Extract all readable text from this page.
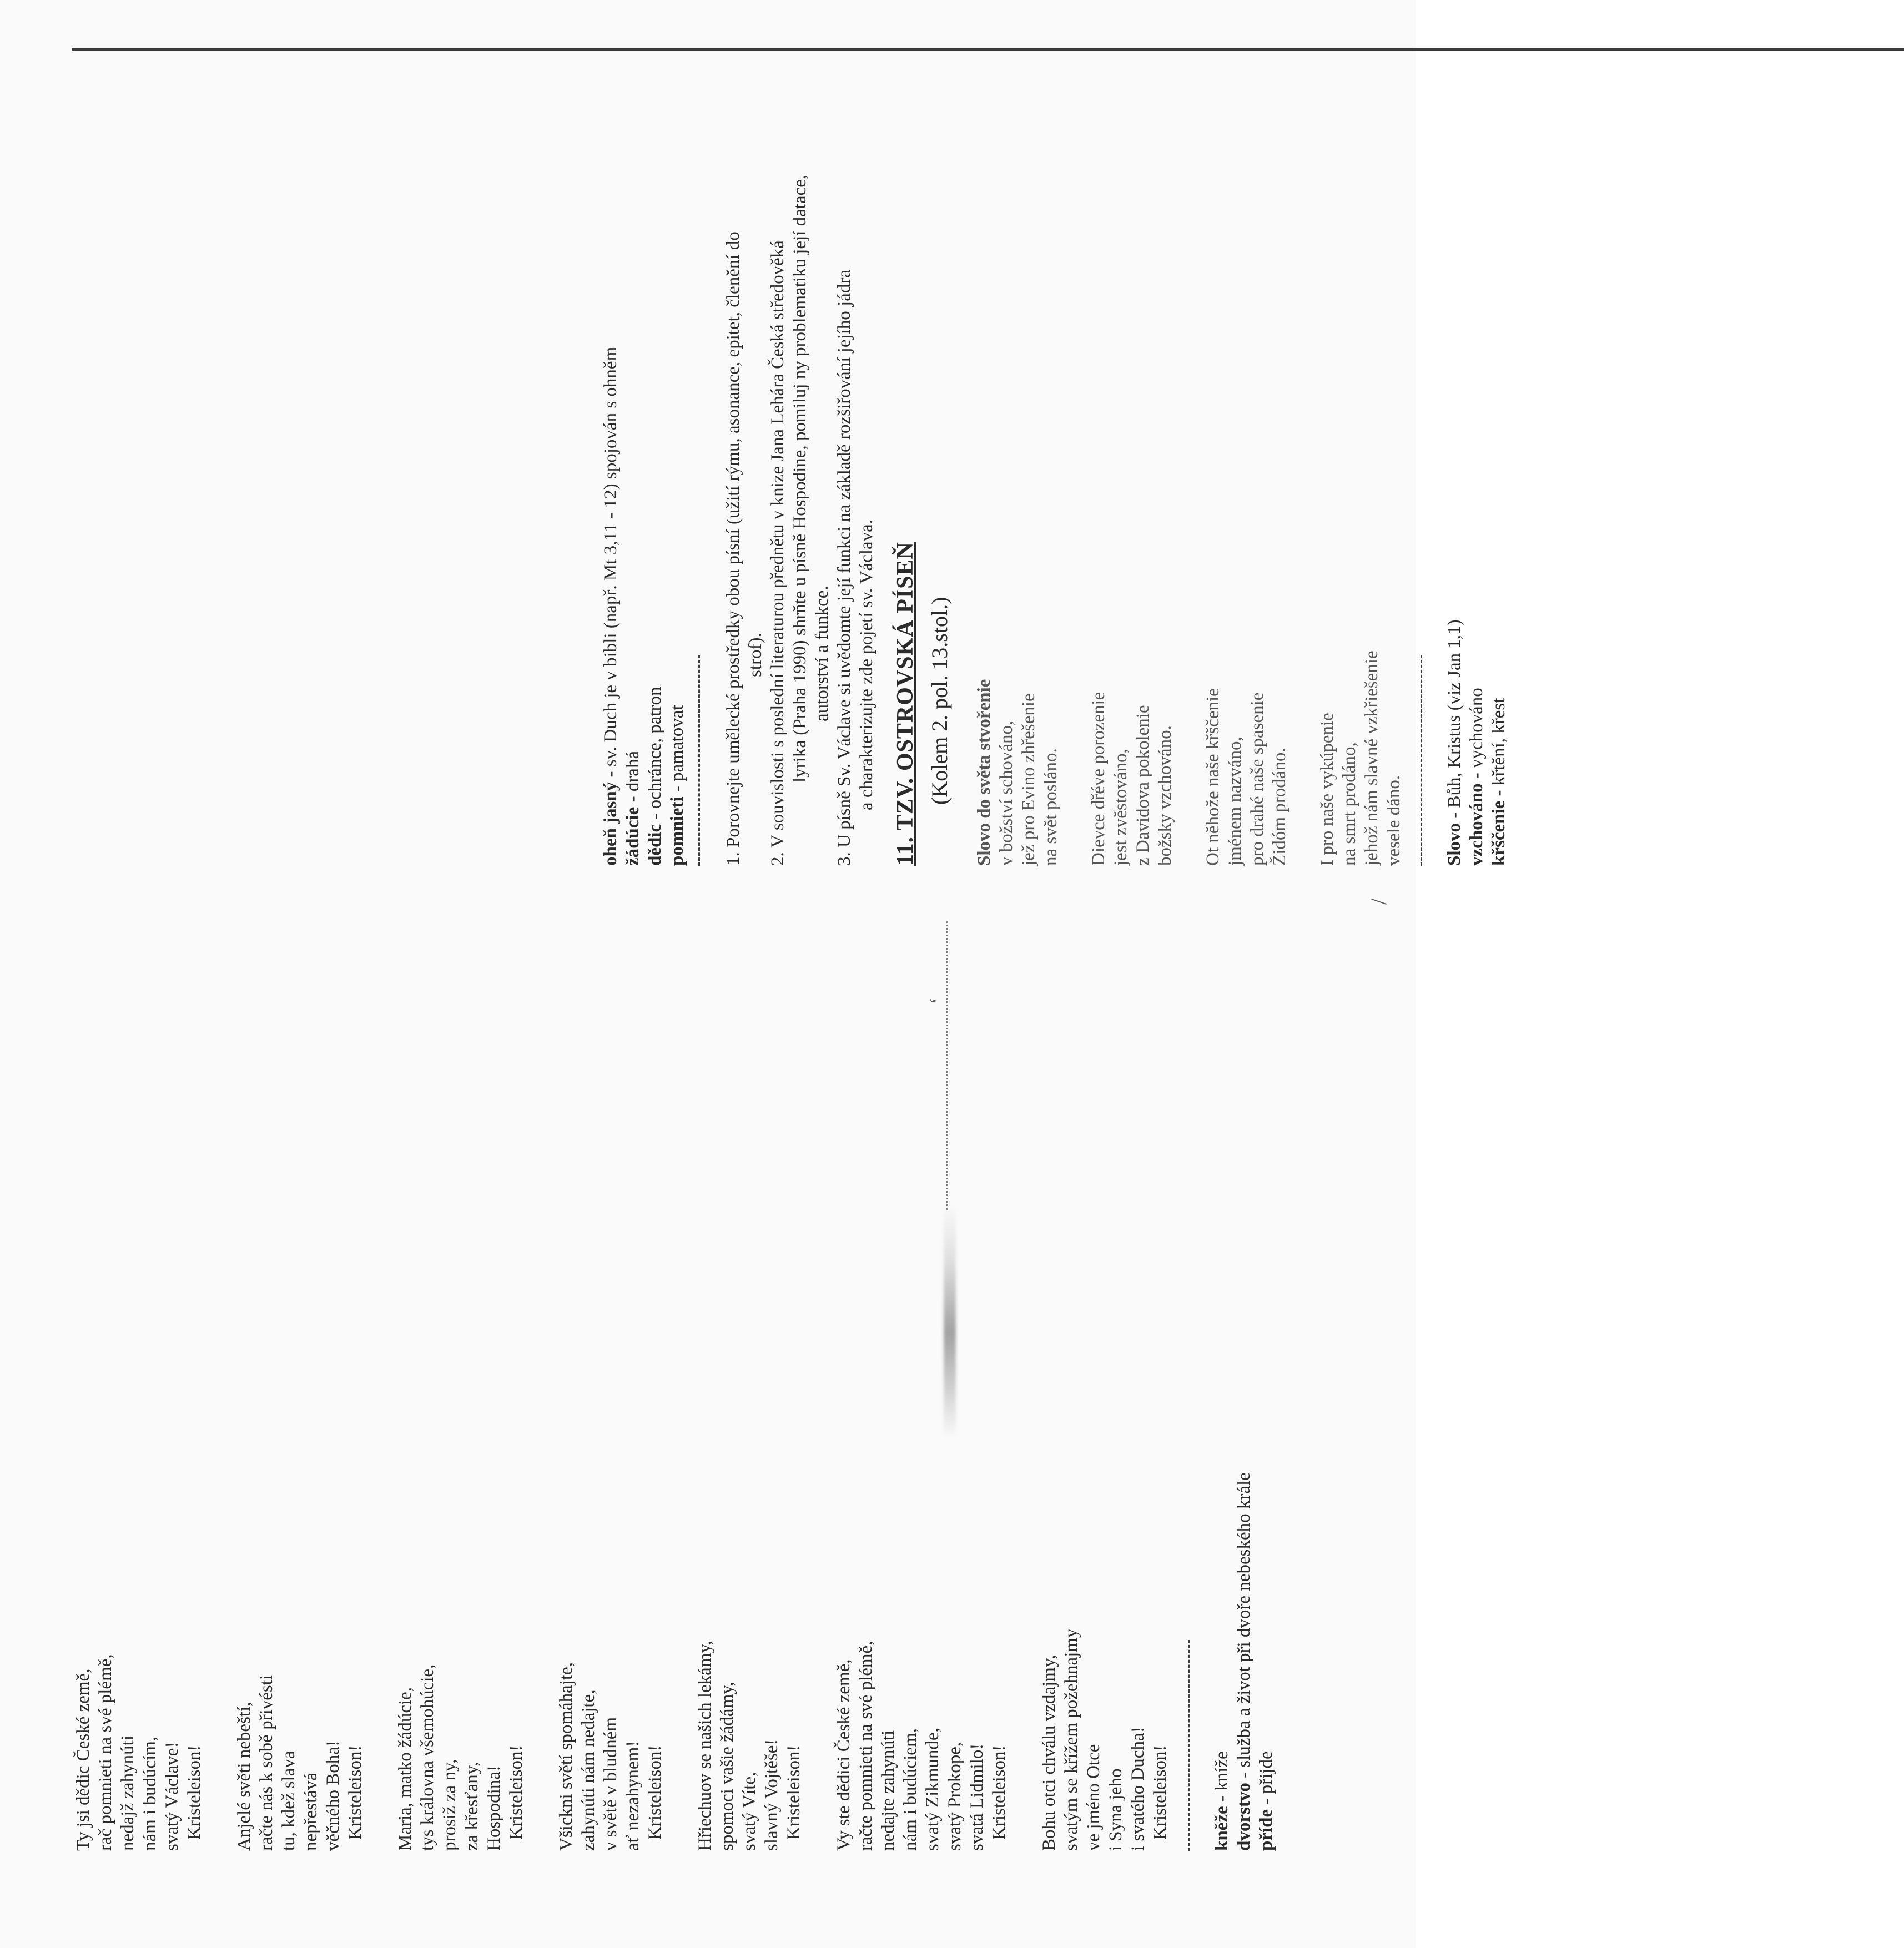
‘
/
Ty jsi dědic České země, rač pomnieti na své plémě, nedajž zahynúti nám i budúcím, svatý Václave! Kristeleison! Anjelé světi nebeští, račte nás k sobě přivésti tu, kdež slava nepřestává věčného Boha! Kristeleison! Maria, matko žádúcie, tys královna všemohúcie, prosiž za ny, za křesťany, Hospodina! Kristeleison! Všickni světí spomáhajte, zahynúti nám nedajte, v světě v bludném ať nezahynem! Kristeleison! Hřiechuov se našich lekámy, spomoci vašie žádámy, svatý Víte, slavný Vojtěše! Kristeleison! Vy ste dědici České země, račte pomnieti na své plémě, nedajte zahynúti nám i budúciem, svatý Zikmunde, svatý Prokope, svatá Lidmilo! Kristeleison! Bohu otci chválu vzdajmy, svatým se křížem požehnajmy ve jméno Otce i Syna jeho i svatého Ducha! Kristeleison! kněže - kníže
dvorstvo - služba a život při dvoře nebeského krále
příde - přijde
oheň jasný - sv. Duch je v bibli (např. Mt 3,11 - 12) spojován s ohněm
žádúcie - drahá
dědic - ochránce, patron
pomnieti - pamatovat
1. Porovnejte umělecké prostředky obou písní (užití rýmu, asonance, epitet, členění do strof).
2. V souvislosti s poslední literaturou přednětu v knize Jana Lehára Česká středověká lyrika (Praha 1990) shrňte u písně Hospodine, pomiluj ny problematiku její datace, autorství a funkce.
3. U písně Sv. Václave si uvědomte její funkci na základě rozšiřování jejího jádra a charakterizujte zde pojetí sv. Václava. 11. TZV. OSTROVSKÁ PÍSEŇ (Kolem 2. pol. 13.stol.) Slovo do světa stvořenie v božství schováno, jež pro Evino zhřešenie na svět posláno. Dievce dřéve porozenie jest zvěstováno, z Davidova pokolenie božsky vzchováno. Ot něhože naše křščenie jménem nazváno, pro drahé naše spasenie Židóm prodáno. I pro naše vykúpenie na smrt prodáno, jehož nám slavné vzkřiešenie vesele dáno. Slovo - Bůh, Kristus (viz Jan 1,1)
vzchováno - vychováno
křščenie - křtění, křest
